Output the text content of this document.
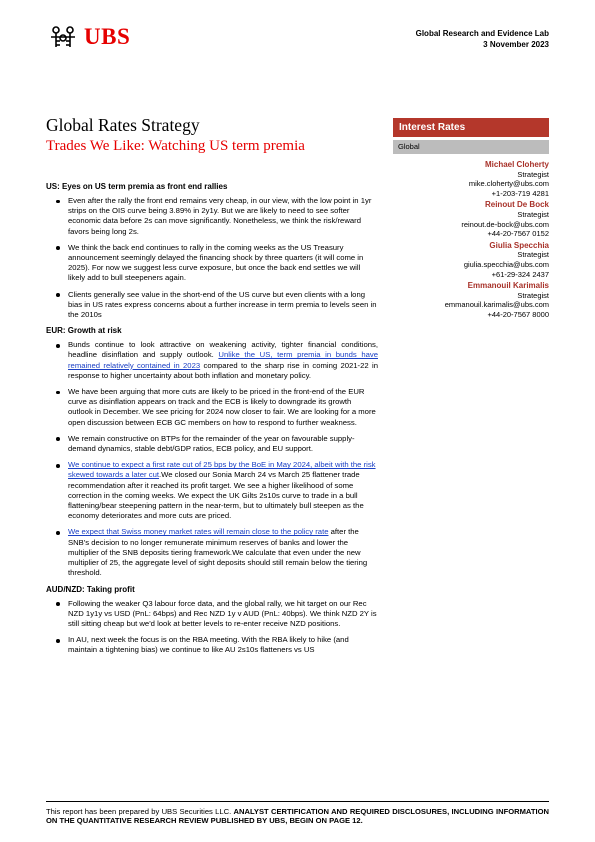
UBS	Global Research and Evidence Lab
3 November 2023
Global Rates Strategy
Trades We Like: Watching US term premia
US: Eyes on US term premia as front end rallies
Even after the rally the front end remains very cheap, in our view, with the low point in 1yr strips on the OIS curve being 3.89% in 2y1y. But we are likely to need to see softer economic data before 2s can move significantly. Nonetheless, we think the risk/reward favors being long 2s.
We think the back end continues to rally in the coming weeks as the US Treasury announcement seemingly delayed the financing shock by three quarters (it will come in 2025). For now we suggest less curve exposure, but once the back end settles we will likely add to bull steepeners again.
Clients generally see value in the short-end of the US curve but even clients with a long bias in US rates express concerns about a further increase in term premia to levels seen in the 2010s
EUR: Growth at risk
Bunds continue to look attractive on weakening activity, tighter financial conditions, headline disinflation and supply outlook. Unlike the US, term premia in bunds have remained relatively contained in 2023 compared to the sharp rise in coming 2021-22 in response to higher uncertainty about both inflation and monetary policy.
We have been arguing that more cuts are likely to be priced in the front-end of the EUR curve as disinflation appears on track and the ECB is likely to downgrade its growth outlook in December. We see pricing for 2024 now closer to fair. We are looking for a more open discussion between ECB GC members on how to respond to further weakness.
We remain constructive on BTPs for the remainder of the year on favourable supply-demand dynamics, stable debt/GDP ratios, ECB policy, and EU support.
We continue to expect a first rate cut of 25 bps by the BoE in May 2024, albeit with the risk skewed towards a later cut.We closed our Sonia March 24 vs March 25 flattener trade recommendation after it reached its profit target. We see a higher likelihood of some correction in the coming weeks. We expect the UK Gilts 2s10s curve to trade in a bull flattening/bear steepening pattern in the near-term, but to ultimately bull steepen as the economy deteriorates and more cuts are priced.
We expect that Swiss money market rates will remain close to the policy rate after the SNB's decision to no longer remunerate minimum reserves of banks and lower the multiplier of the SNB deposits tiering framework.We calculate that even under the new multiplier of 25, the aggregate level of sight deposits should still remain below the tiering threshold.
AUD/NZD: Taking profit
Following the weaker Q3 labour force data, and the global rally, we hit target on our Rec NZD 1y1y vs USD (PnL: 64bps) and Rec NZD 1y v AUD (PnL: 40bps). We think NZD 2Y is still sitting cheap but we'd look at better levels to re-enter receive NZD positions.
In AU, next week the focus is on the RBA meeting. With the RBA likely to hike (and maintain a tightening bias) we continue to like AU 2s10s flatteners vs US
Interest Rates
Global
Michael Cloherty
Strategist
mike.cloherty@ubs.com
+1-203-719 4281
Reinout De Bock
Strategist
reinout.de-bock@ubs.com
+44-20-7567 0152
Giulia Specchia
Strategist
giulia.specchia@ubs.com
+61-29-324 2437
Emmanouil Karimalis
Strategist
emmanouil.karimalis@ubs.com
+44-20-7567 8000
This report has been prepared by UBS Securities LLC. ANALYST CERTIFICATION AND REQUIRED DISCLOSURES, INCLUDING INFORMATION ON THE QUANTITATIVE RESEARCH REVIEW PUBLISHED BY UBS, BEGIN ON PAGE 12.
